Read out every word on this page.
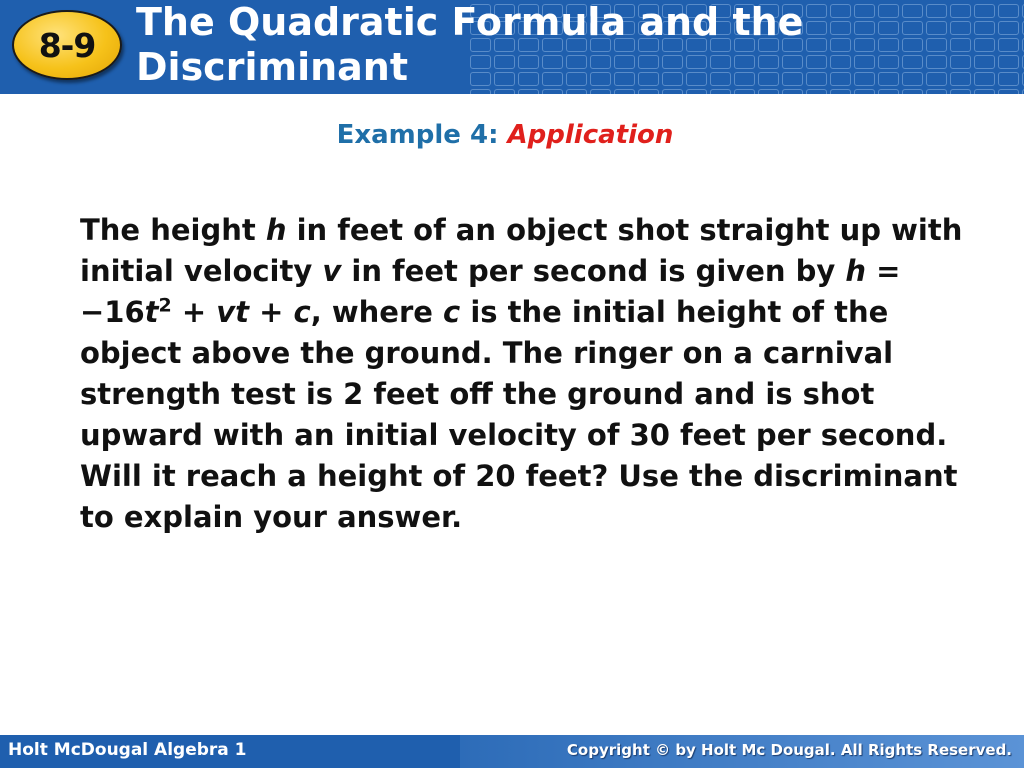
8-9
The Quadratic Formula and the Discriminant
Example 4: Application

The height h in feet of an object shot straight up with initial velocity v in feet per second is given by $h = -16t^2$ + vt + c, where c is the initial height of the object above the ground. The ringer on a carnival strength test is 2 feet off the ground and is shot upward with an initial velocity of 30 feet per second. Will it reach a height of 20 feet? Use the discriminant to explain your answer.

Holt McDougal Algebra 1	Copyright © by Holt Mc Dougal. All Rights Reserved.
